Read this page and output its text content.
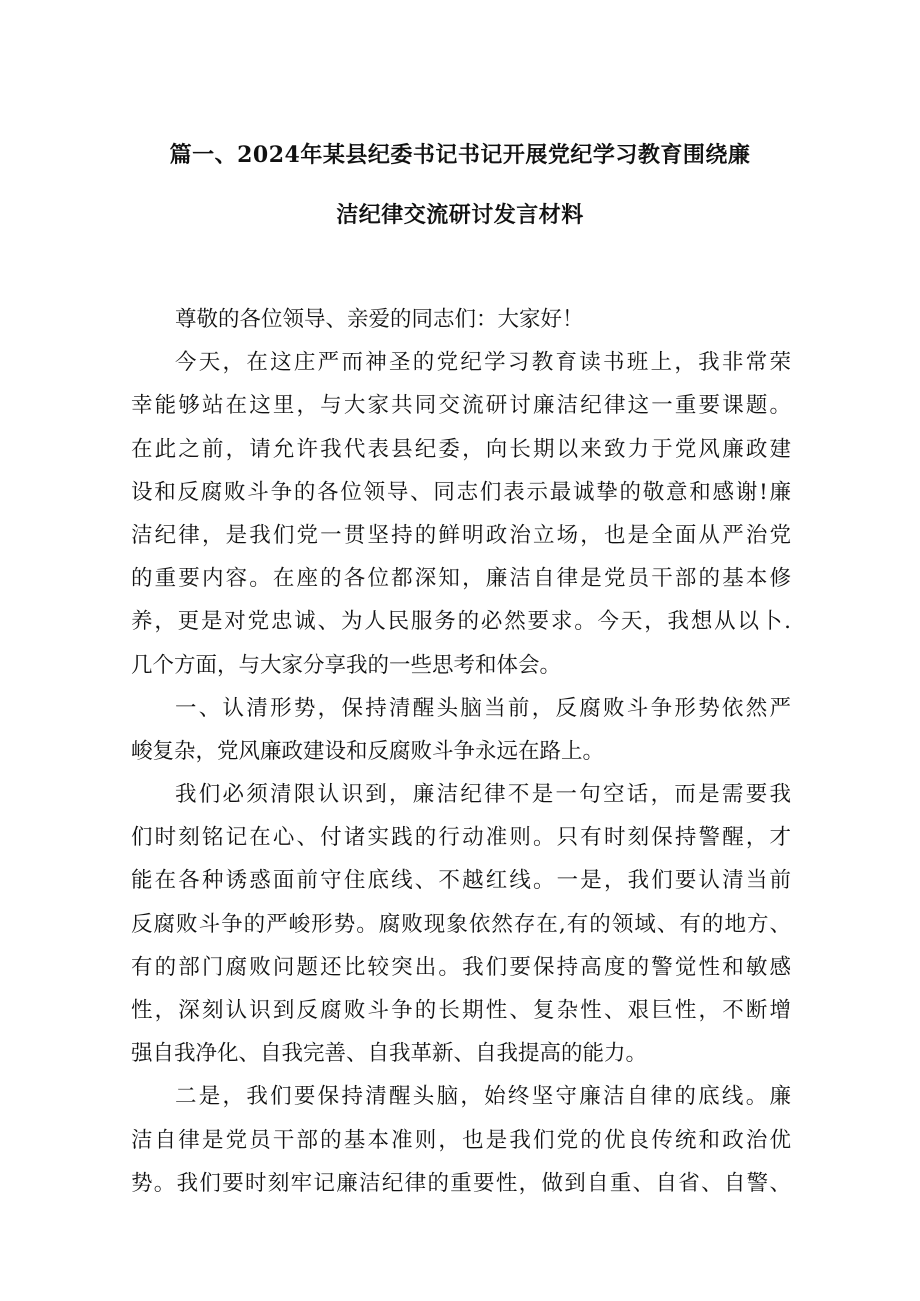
篇一、2024年某县纪委书记书记开展党纪学习教育围绕廉
洁纪律交流研讨发言材料
尊敬的各位领导、亲爱的同志们：大家好！
今天，在这庄严而神圣的党纪学习教育读书班上，我非常荣
幸能够站在这里，与大家共同交流研讨廉洁纪律这一重要课题。
在此之前，请允许我代表县纪委，向长期以来致力于党风廉政建
设和反腐败斗争的各位领导、同志们表示最诚挚的敬意和感谢!廉
洁纪律，是我们党一贯坚持的鲜明政治立场，也是全面从严治党
的重要内容。在座的各位都深知，廉洁自律是党员干部的基本修
养，更是对党忠诚、为人民服务的必然要求。今天，我想从以卜.
几个方面，与大家分享我的一些思考和体会。
一、认清形势，保持清醒头脑当前，反腐败斗争形势依然严
峻复杂，党风廉政建设和反腐败斗争永远在路上。
我们必须清限认识到，廉洁纪律不是一句空话，而是需要我
们时刻铭记在心、付诸实践的行动准则。只有时刻保持警醒，才
能在各种诱惑面前守住底线、不越红线。一是，我们要认清当前
反腐败斗争的严峻形势。腐败现象依然存在,有的领域、有的地方、
有的部门腐败问题还比较突出。我们要保持高度的警觉性和敏感
性，深刻认识到反腐败斗争的长期性、复杂性、艰巨性，不断增
强自我净化、自我完善、自我革新、自我提高的能力。
二是，我们要保持清醒头脑，始终坚守廉洁自律的底线。廉
洁自律是党员干部的基本准则，也是我们党的优良传统和政治优
势。我们要时刻牢记廉洁纪律的重要性，做到自重、自省、自警、
